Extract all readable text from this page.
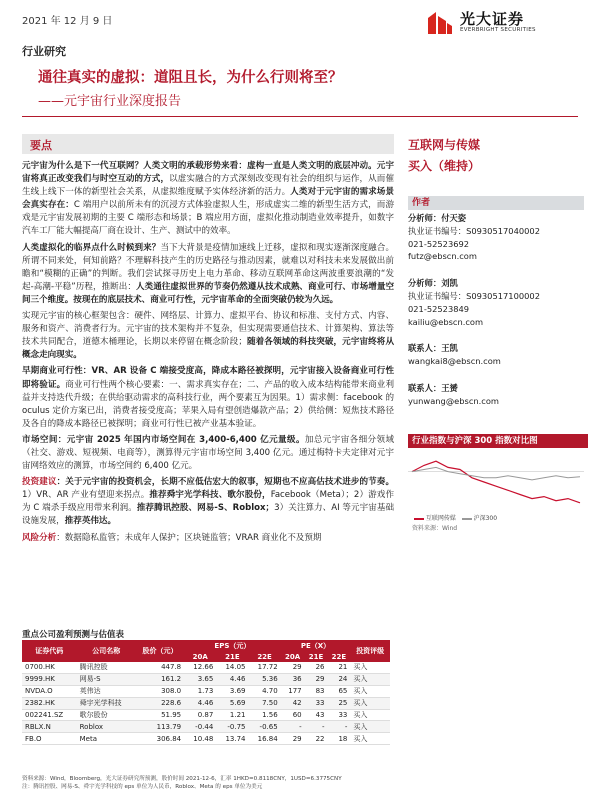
2021 年 12 月 9 日	光大证券
EVERBRIGHT SECURITIES
行业研究
通往真实的虚拟：道阻且长，为什么行则将至？
——元宇宙行业深度报告
要点

元宇宙为什么是下一代互联网？人类文明的承载形势来看：虚构一直是人类文明的底层冲动。元宇宙将真正改变我们与时空互动的方式，以虚实融合的方式深刻改变现有社会的组织与运作，从而催生线上线下一体的新型社会关系，从虚拟维度赋予实体经济新的活力。人类对于元宇宙的需求场景会真实存在：C 端用户以前所未有的沉浸方式体验虚拟人生，形成虚实二维的新型生活方式，而游戏是元宇宙发展初期的主要 C 端形态和场景；B 端应用方面，虚拟化推动制造业效率提升，如数字汽车工厂能大幅提高厂商在设计、生产、测试中的效率。

人类虚拟化的临界点什么时候到来？当下大背景是疫情加速线上迁移，虚拟和现实逐渐深度融合。所谓不同来处，何知前路？不理解科技产生的历史路径与推动因素，就难以对科技未来发展做出前瞻和“模糊的正确”的判断。我们尝试探寻历史上电力革命、移动互联网革命这两波重要浪潮的“发起-高潮-平稳”历程，推断出：人类通往虚拟世界的节奏仍然遵从技术成熟、商业可行、市场增量空间三个维度。按现在的底层技术、商业可行性，元宇宙革命的全面突破仍较为久远。

实现元宇宙的核心框架包含：硬件、网络层、计算力、虚拟平台、协议和标准、支付方式、内容、服务和资产、消费者行为。元宇宙的技术架构并不复杂，但实现需要通信技术、计算架构、算法等技术共同配合，道德木桶理论，长期以来停留在概念阶段；随着各领域的科技突破，元宇宙终将从概念走向现实。

早期商业可行性：VR、AR 设备 C 端接受度高，降成本路径被探明，元宇宙接入设备商业可行性即将验证。商业可行性两个核心要素：一、需求真实存在；二、产品的收入成本结构能带来商业利益并支持迭代升级；在供给驱动需求的高科技行业，两个要素互为因果。1）需求侧：facebook 的 oculus 定价方案已出，消费者接受度高；苹果入局有望创造爆款产品；2）供给侧：短焦技术路径及各自的降成本路径已被探明；商业可行性已被产业基本验证。

市场空间：元宇宙 2025 年国内市场空间在 3,400-6,400 亿元量级。加总元宇宙各细分领域（社交、游戏、短视频、电商等），测算得元宇宙市场空间 3,400 亿元。通过梅特卡夫定律对元宇宙网络效应的测算，市场空间约 6,400 亿元。

投资建议：关于元宇宙的投资机会，长期不应低估宏大的叙事，短期也不应高估技术进步的节奏。1）VR、AR 产业有望迎来拐点。推荐舜宇光学科技、歌尔股份，Facebook（Meta）；2）游戏作为 C 端杀手级应用带来利润。推荐腾讯控股、网易-S、Roblox；3）关注算力、AI 等元宇宙基础设施发展，推荐英伟达。

风险分析：数据隐私监管；未成年人保护；区块链监管；VRAR 商业化不及预期

互联网与传媒
买入（维持）
作者
分析师：付天姿
执业证书编号：S0930517040002
021-52523692
futz@ebscn.com
分析师：刘凯
执业证书编号：S0930517100002
021-52523849
kailiu@ebscn.com
联系人：王凯
wangkai8@ebscn.com
联系人：王赟
yunwang@ebscn.com
行业指数与沪深 300 指数对比图
互联网传媒	沪深300
资料来源：Wind
重点公司盈利预测与估值表
证券代码	公司名称	股价（元）	EPS（元）			PE（X）			投资评级
			20A	21E	22E	20A	21E	22E	
0700.HK	腾讯控股	447.8	12.66	14.05	17.72	29	26	21	买入
9999.HK	网易-S	161.2	3.65	4.46	5.36	36	29	24	买入
NVDA.O	英伟达	308.0	1.73	3.69	4.70	177	83	65	买入
2382.HK	舜宇光学科技	228.6	4.46	5.69	7.50	42	33	25	买入
002241.SZ	歌尔股份	51.95	0.87	1.21	1.56	60	43	33	买入
RBLX.N	Roblox	113.79	-0.44	-0.75	-0.65	-	-	-	买入
FB.O	Meta	306.84	10.48	13.74	16.84	29	22	18	买入
资料来源：Wind，Bloomberg，光大证券研究所预测，股价时间 2021-12-6，汇率 1HKD=0.8118CNY，1USD=6.3775CNY
注：腾讯控股、网易-S、舜宇光学科技的 eps 单位为人民币，Roblox、Meta 的 eps 单位为美元
